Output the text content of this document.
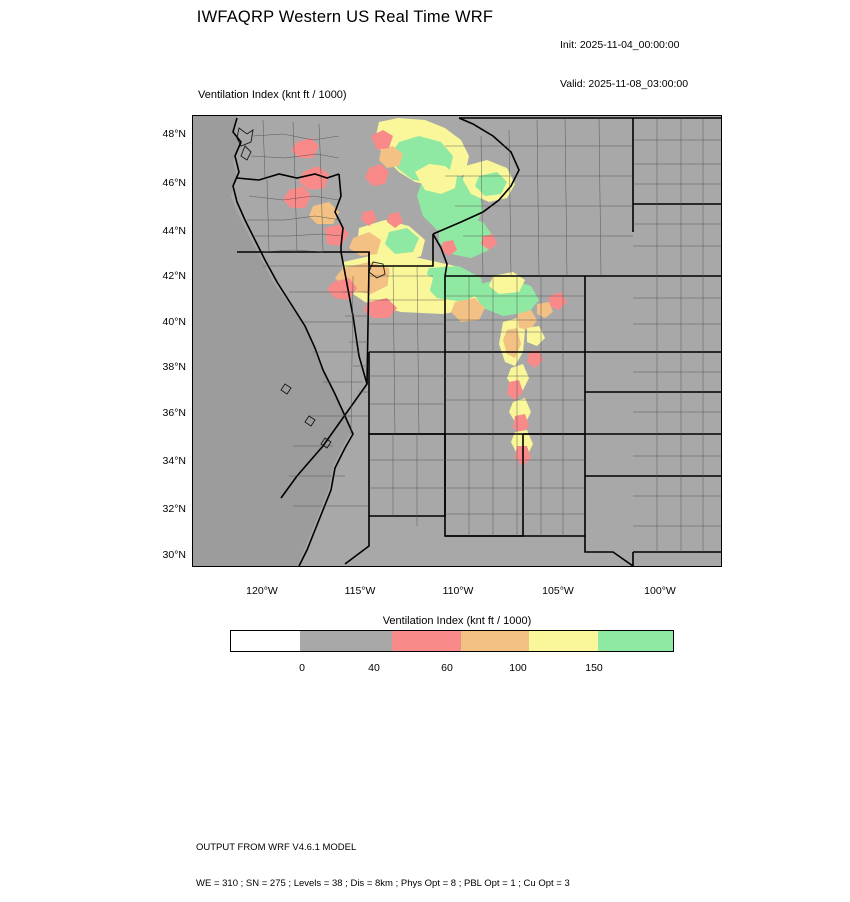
IWFAQRP Western US Real Time WRF

Init: 2025-11-04_00:00:00

Valid: 2025-11-08_03:00:00

Ventilation Index (knt ft / 1000)
48°N
46°N
44°N
42°N
40°N
38°N
36°N
34°N
32°N
30°N
120°W	115°W	110°W	105°W	100°W
Ventilation Index (knt ft / 1000)
0	40	60	100	150

OUTPUT FROM WRF V4.6.1 MODEL

WE = 310 ; SN = 275 ; Levels = 38 ; Dis = 8km ; Phys Opt = 8 ; PBL Opt = 1 ; Cu Opt = 3
